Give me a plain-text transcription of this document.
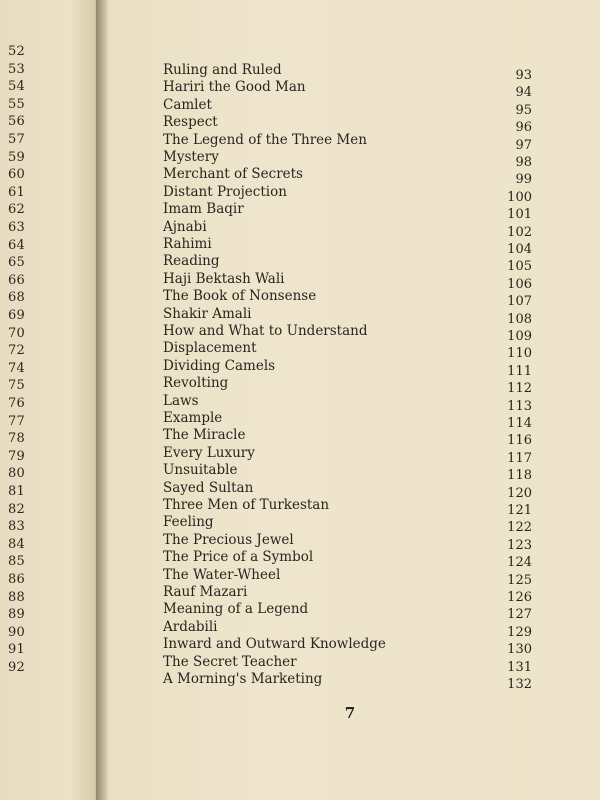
52
53
54
55
56
57
59
60
61
62
63
64
65
66
68
69
70
72
74
75
76
77
78
79
80
81
82
83
84
85
86
88
89
90
91
92
Ruling and Ruled	93
Hariri the Good Man	94
Camlet	95
Respect	96
The Legend of the Three Men	97
Mystery	98
Merchant of Secrets	99
Distant Projection	100
Imam Baqir	101
Ajnabi	102
Rahimi	104
Reading	105
Haji Bektash Wali	106
The Book of Nonsense	107
Shakir Amali	108
How and What to Understand	109
Displacement	110
Dividing Camels	111
Revolting	112
Laws	113
Example	114
The Miracle	116
Every Luxury	117
Unsuitable	118
Sayed Sultan	120
Three Men of Turkestan	121
Feeling	122
The Precious Jewel	123
The Price of a Symbol	124
The Water-Wheel	125
Rauf Mazari	126
Meaning of a Legend	127
Ardabili	129
Inward and Outward Knowledge	130
The Secret Teacher	131
A Morning's Marketing	132
7
